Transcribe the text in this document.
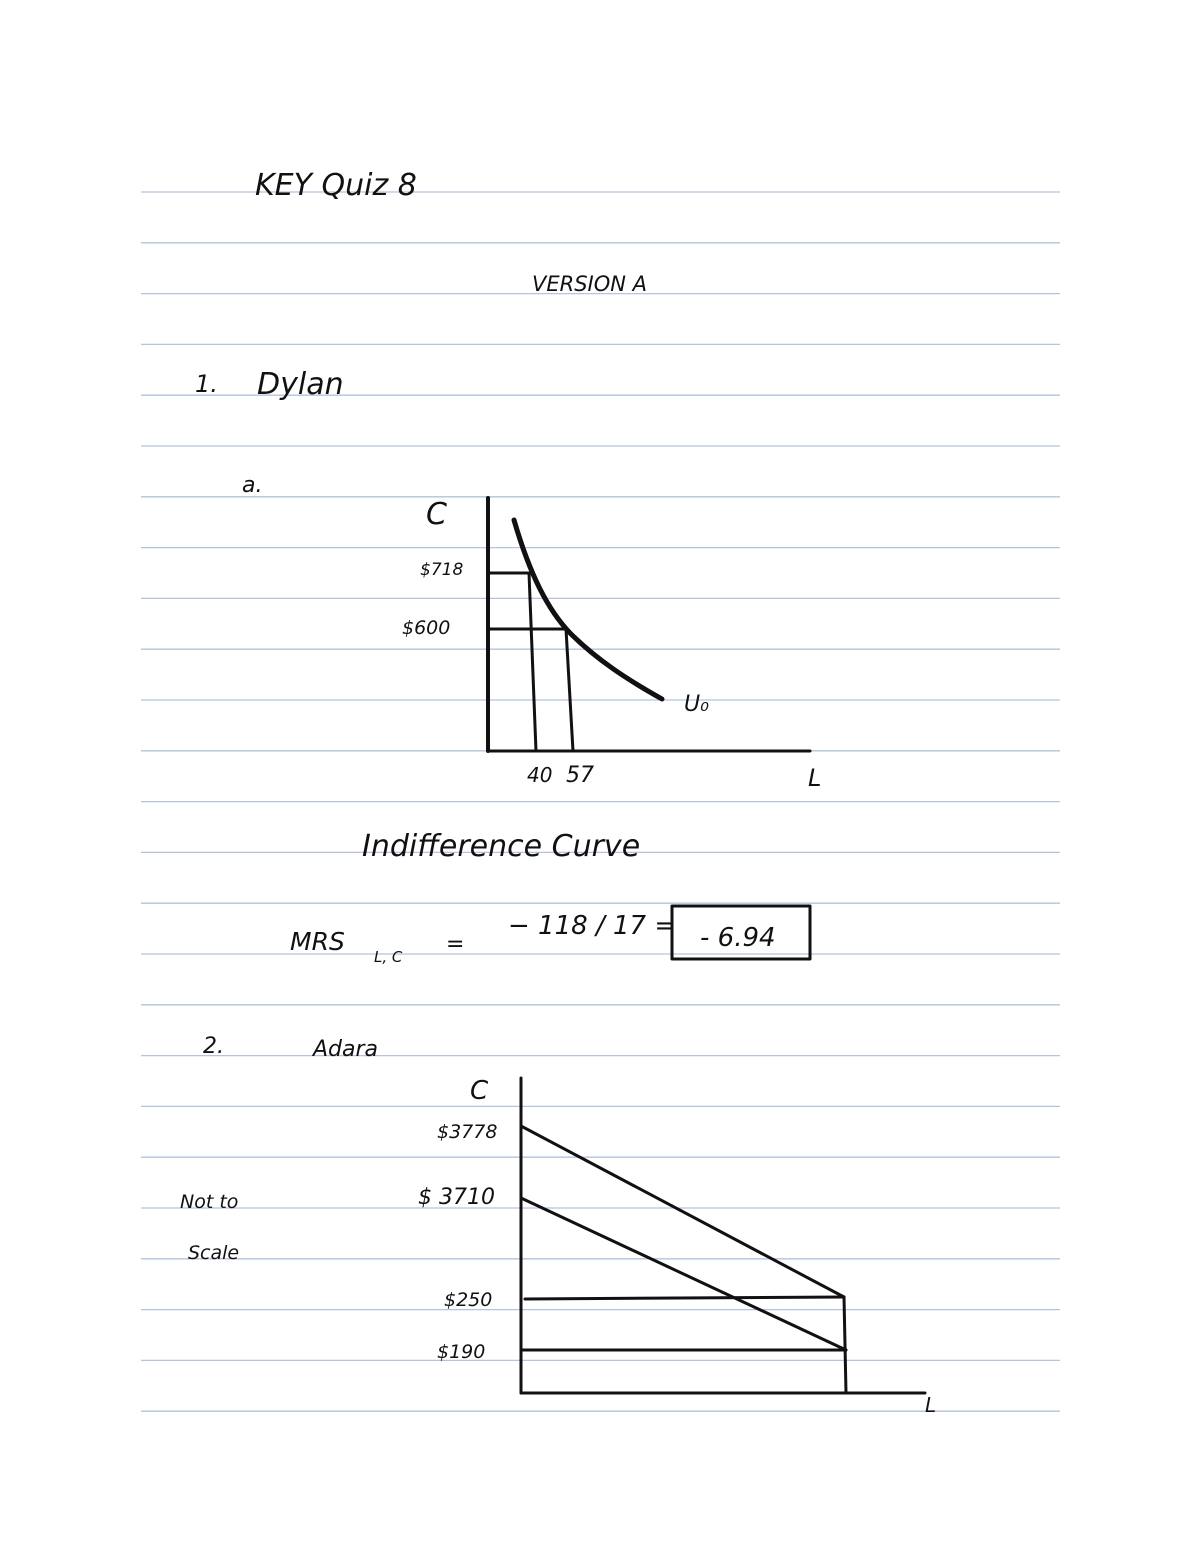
KEY Quiz 8
VERSION A
1. Dylan
a.
C
L
U₀
$718
$600
40 57
Indifference Curve
MRS
L, C =
− 118 / 17 = - 6.94
2.	Adara
Not to
Scale
C
L
$3778
$ 3710
$250
$190
